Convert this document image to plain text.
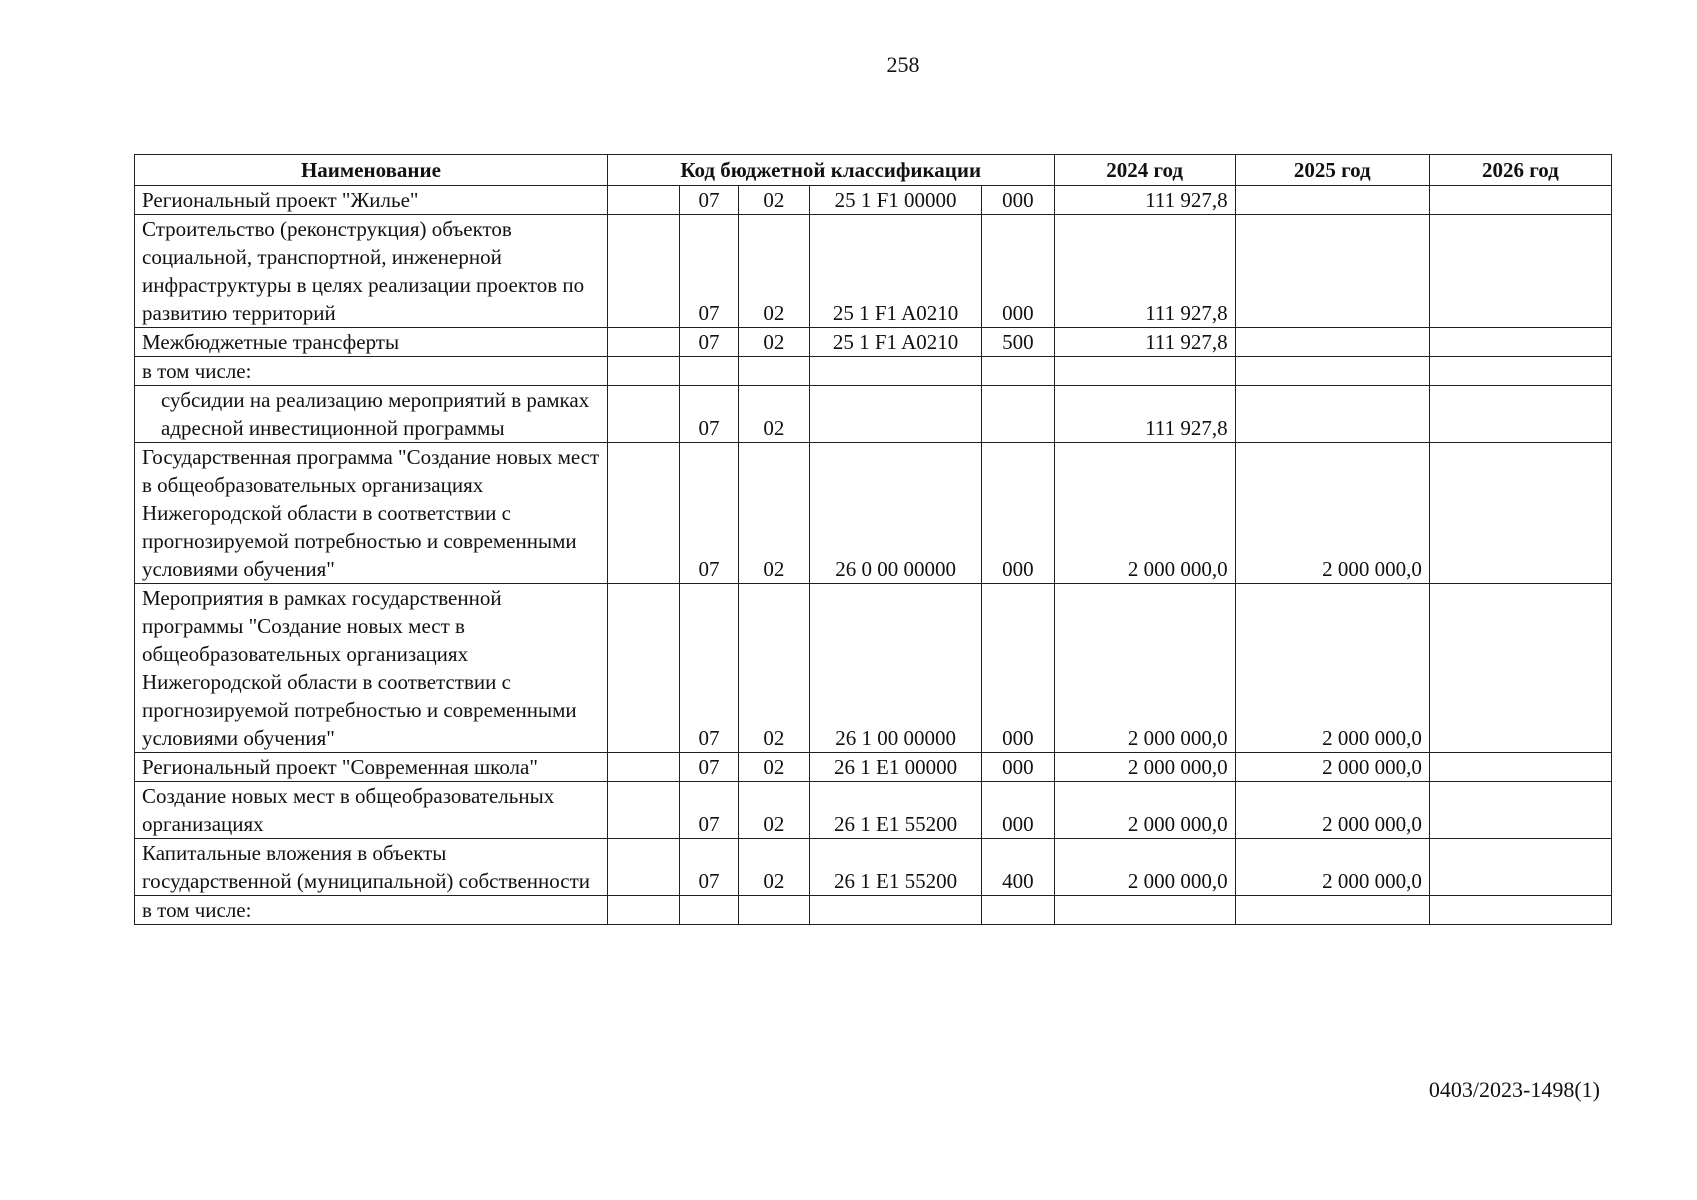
258
Наименование	Код бюджетной классификации					2024 год	2025 год	2026 год
Региональный проект "Жилье"		07	02	25 1 F1 00000	000	111 927,8		
Строительство (реконструкция) объектов социальной, транспортной, инженерной инфраструктуры в целях реализации проектов по развитию территорий		07	02	25 1 F1 A0210	000	111 927,8		
Межбюджетные трансферты		07	02	25 1 F1 A0210	500	111 927,8		
в том числе:								
субсидии на реализацию мероприятий в рамках адресной инвестиционной программы		07	02			111 927,8		
Государственная программа "Создание новых мест в общеобразовательных организациях Нижегородской области в соответствии с прогнозируемой потребностью и современными условиями обучения"		07	02	26 0 00 00000	000	2 000 000,0	2 000 000,0	
Мероприятия в рамках государственной программы "Создание новых мест в общеобразовательных организациях Нижегородской области в соответствии с прогнозируемой потребностью и современными условиями обучения"		07	02	26 1 00 00000	000	2 000 000,0	2 000 000,0	
Региональный проект "Современная школа"		07	02	26 1 E1 00000	000	2 000 000,0	2 000 000,0	
Создание новых мест в общеобразовательных организациях		07	02	26 1 E1 55200	000	2 000 000,0	2 000 000,0	
Капитальные вложения в объекты государственной (муниципальной) собственности		07	02	26 1 E1 55200	400	2 000 000,0	2 000 000,0	
в том числе:								
0403/2023-1498(1)
